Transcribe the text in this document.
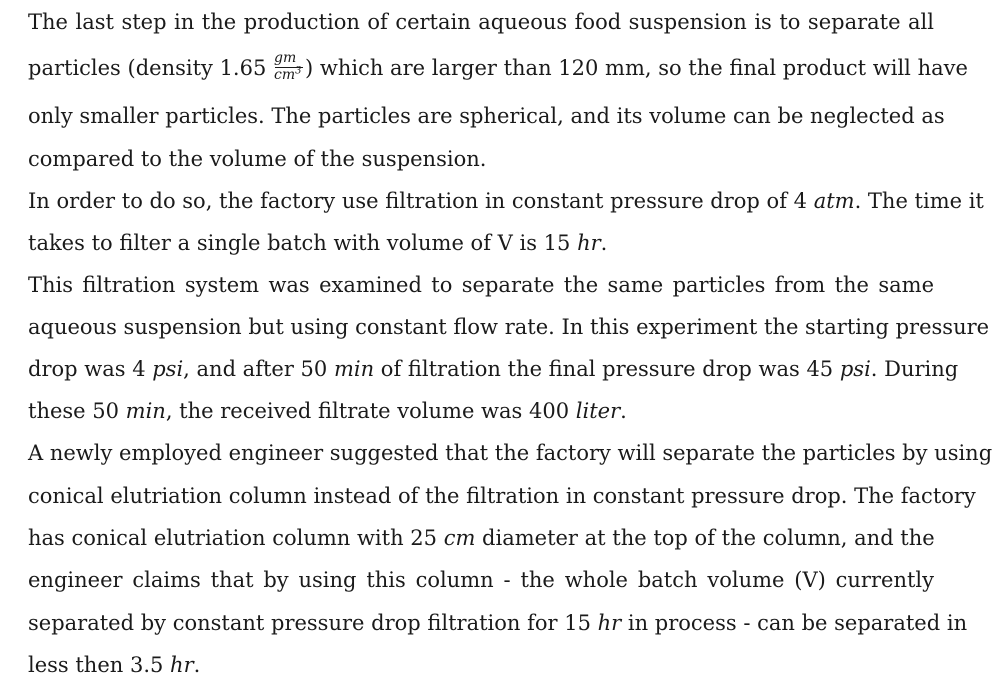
The last step in the production of certain aqueous food suspension is to separate all
particles (density $1.65 \frac{gm}{cm^3}$ ) which are larger than 120 mm, so the final product will have
only smaller particles. The particles are spherical, and its volume can be neglected as
compared to the volume of the suspension.
In order to do so, the factory use filtration in constant pressure drop of 4 atm. The time it
takes to filter a single batch with volume of V is 15 hr.
This filtration system was examined to separate the same particles from the same
aqueous suspension but using constant flow rate. In this experiment the starting pressure
drop was 4 psi, and after 50 min of filtration the final pressure drop was 45 psi. During
these 50 min, the received filtrate volume was 400 liter.
A newly employed engineer suggested that the factory will separate the particles by using
conical elutriation column instead of the filtration in constant pressure drop. The factory
has conical elutriation column with 25 cm diameter at the top of the column, and the
engineer claims that by using this column - the whole batch volume (V) currently
separated by constant pressure drop filtration for 15 hr in process - can be separated in
less then 3.5 hr.
